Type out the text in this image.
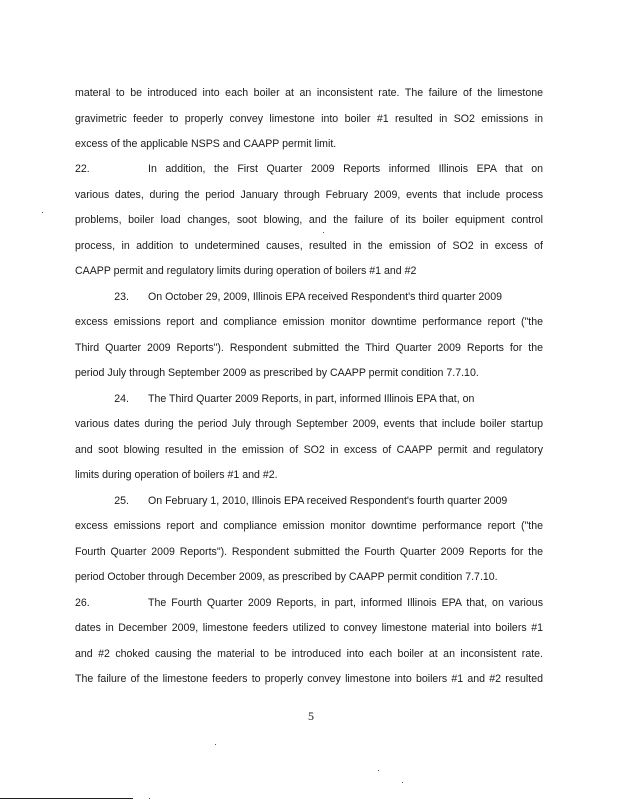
materal to be introduced into each boiler at an inconsistent rate. The failure of the limestone
gravimetric feeder to properly convey limestone into boiler #1 resulted in SO2 emissions in
excess of the applicable NSPS and CAAPP permit limit.
22.	In addition, the First Quarter 2009 Reports informed Illinois EPA that on
various dates, during the period January through February 2009, events that include process
problems, boiler load changes, soot blowing, and the failure of its boiler equipment control
process, in addition to undetermined causes, resulted in the emission of SO2 in excess of
CAAPP permit and regulatory limits during operation of boilers #1 and #2
23. On October 29, 2009, Illinois EPA received Respondent's third quarter 2009
excess emissions report and compliance emission monitor downtime performance report ("the
Third Quarter 2009 Reports"). Respondent submitted the Third Quarter 2009 Reports for the
period July through September 2009 as prescribed by CAAPP permit condition 7.7.10.
24. The Third Quarter 2009 Reports, in part, informed Illinois EPA that, on
various dates during the period July through September 2009, events that include boiler startup
and soot blowing resulted in the emission of SO2 in excess of CAAPP permit and regulatory
limits during operation of boilers #1 and #2.
25. On February 1, 2010, Illinois EPA received Respondent's fourth quarter 2009
excess emissions report and compliance emission monitor downtime performance report ("the
Fourth Quarter 2009 Reports"). Respondent submitted the Fourth Quarter 2009 Reports for the
period October through December 2009, as prescribed by CAAPP permit condition 7.7.10.
26.	The Fourth Quarter 2009 Reports, in part, informed Illinois EPA that, on various
dates in December 2009, limestone feeders utilized to convey limestone material into boilers #1
and #2 choked causing the material to be introduced into each boiler at an inconsistent rate.
The failure of the limestone feeders to properly convey limestone into boilers #1 and #2 resulted
5
